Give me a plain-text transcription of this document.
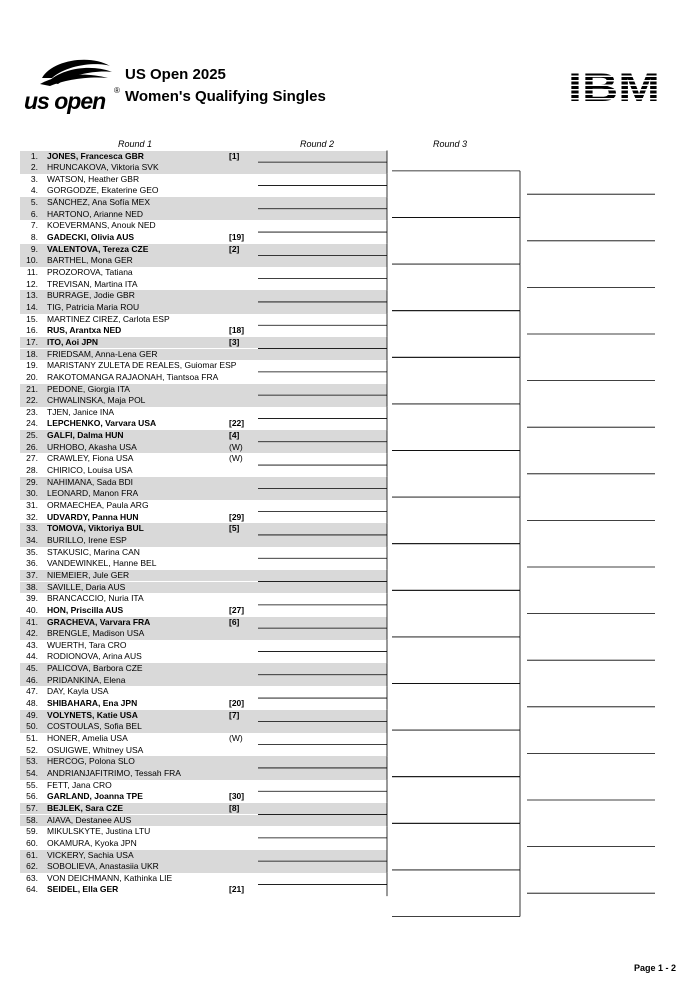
us open ®
US Open 2025
Women's Qualifying Singles	IBM
Round 1	Round 2	Round 3
1. JONES, Francesca GBR	[1]
2. HRUNCAKOVA, Viktoria SVK
3. WATSON, Heather GBR
4. GORGODZE, Ekaterine GEO
5. SÁNCHEZ, Ana Sofía MEX
6. HARTONO, Arianne NED
7. KOEVERMANS, Anouk NED
8. GADECKI, Olivia AUS	[19]
9. VALENTOVA, Tereza CZE	[2]
10. BARTHEL, Mona GER
11. PROZOROVA, Tatiana
12. TREVISAN, Martina ITA
13. BURRAGE, Jodie GBR
14. TIG, Patricia Maria ROU
15. MARTINEZ CIREZ, Carlota ESP
16. RUS, Arantxa NED	[18]
17. ITO, Aoi JPN	[3]
18. FRIEDSAM, Anna-Lena GER
19. MARISTANY ZULETA DE REALES, Guiomar ESP
20. RAKOTOMANGA RAJAONAH, Tiantsoa FRA
21. PEDONE, Giorgia ITA
22. CHWALINSKA, Maja POL
23. TJEN, Janice INA
24. LEPCHENKO, Varvara USA	[22]
25. GALFI, Dalma HUN	[4]
26. URHOBO, Akasha USA	(W)
27. CRAWLEY, Fiona USA	(W)
28. CHIRICO, Louisa USA
29. NAHIMANA, Sada BDI
30. LEONARD, Manon FRA
31. ORMAECHEA, Paula ARG
32. UDVARDY, Panna HUN	[29]
33. TOMOVA, Viktoriya BUL	[5]
34. BURILLO, Irene ESP
35. STAKUSIC, Marina CAN
36. VANDEWINKEL, Hanne BEL
37. NIEMEIER, Jule GER
38. SAVILLE, Daria AUS
39. BRANCACCIO, Nuria ITA
40. HON, Priscilla AUS	[27]
41. GRACHEVA, Varvara FRA	[6]
42. BRENGLE, Madison USA
43. WUERTH, Tara CRO
44. RODIONOVA, Arina AUS
45. PALICOVA, Barbora CZE
46. PRIDANKINA, Elena
47. DAY, Kayla USA
48. SHIBAHARA, Ena JPN	[20]
49. VOLYNETS, Katie USA	[7]
50. COSTOULAS, Sofia BEL
51. HONER, Amelia USA	(W)
52. OSUIGWE, Whitney USA
53. HERCOG, Polona SLO
54. ANDRIANJAFITRIMO, Tessah FRA
55. FETT, Jana CRO
56. GARLAND, Joanna TPE	[30]
57. BEJLEK, Sara CZE	[8]
58. AIAVA, Destanee AUS
59. MIKULSKYTE, Justina LTU
60. OKAMURA, Kyoka JPN
61. VICKERY, Sachia USA
62. SOBOLIEVA, Anastasiia UKR
63. VON DEICHMANN, Kathinka LIE
64. SEIDEL, Ella GER	[21]
Page 1 - 2
